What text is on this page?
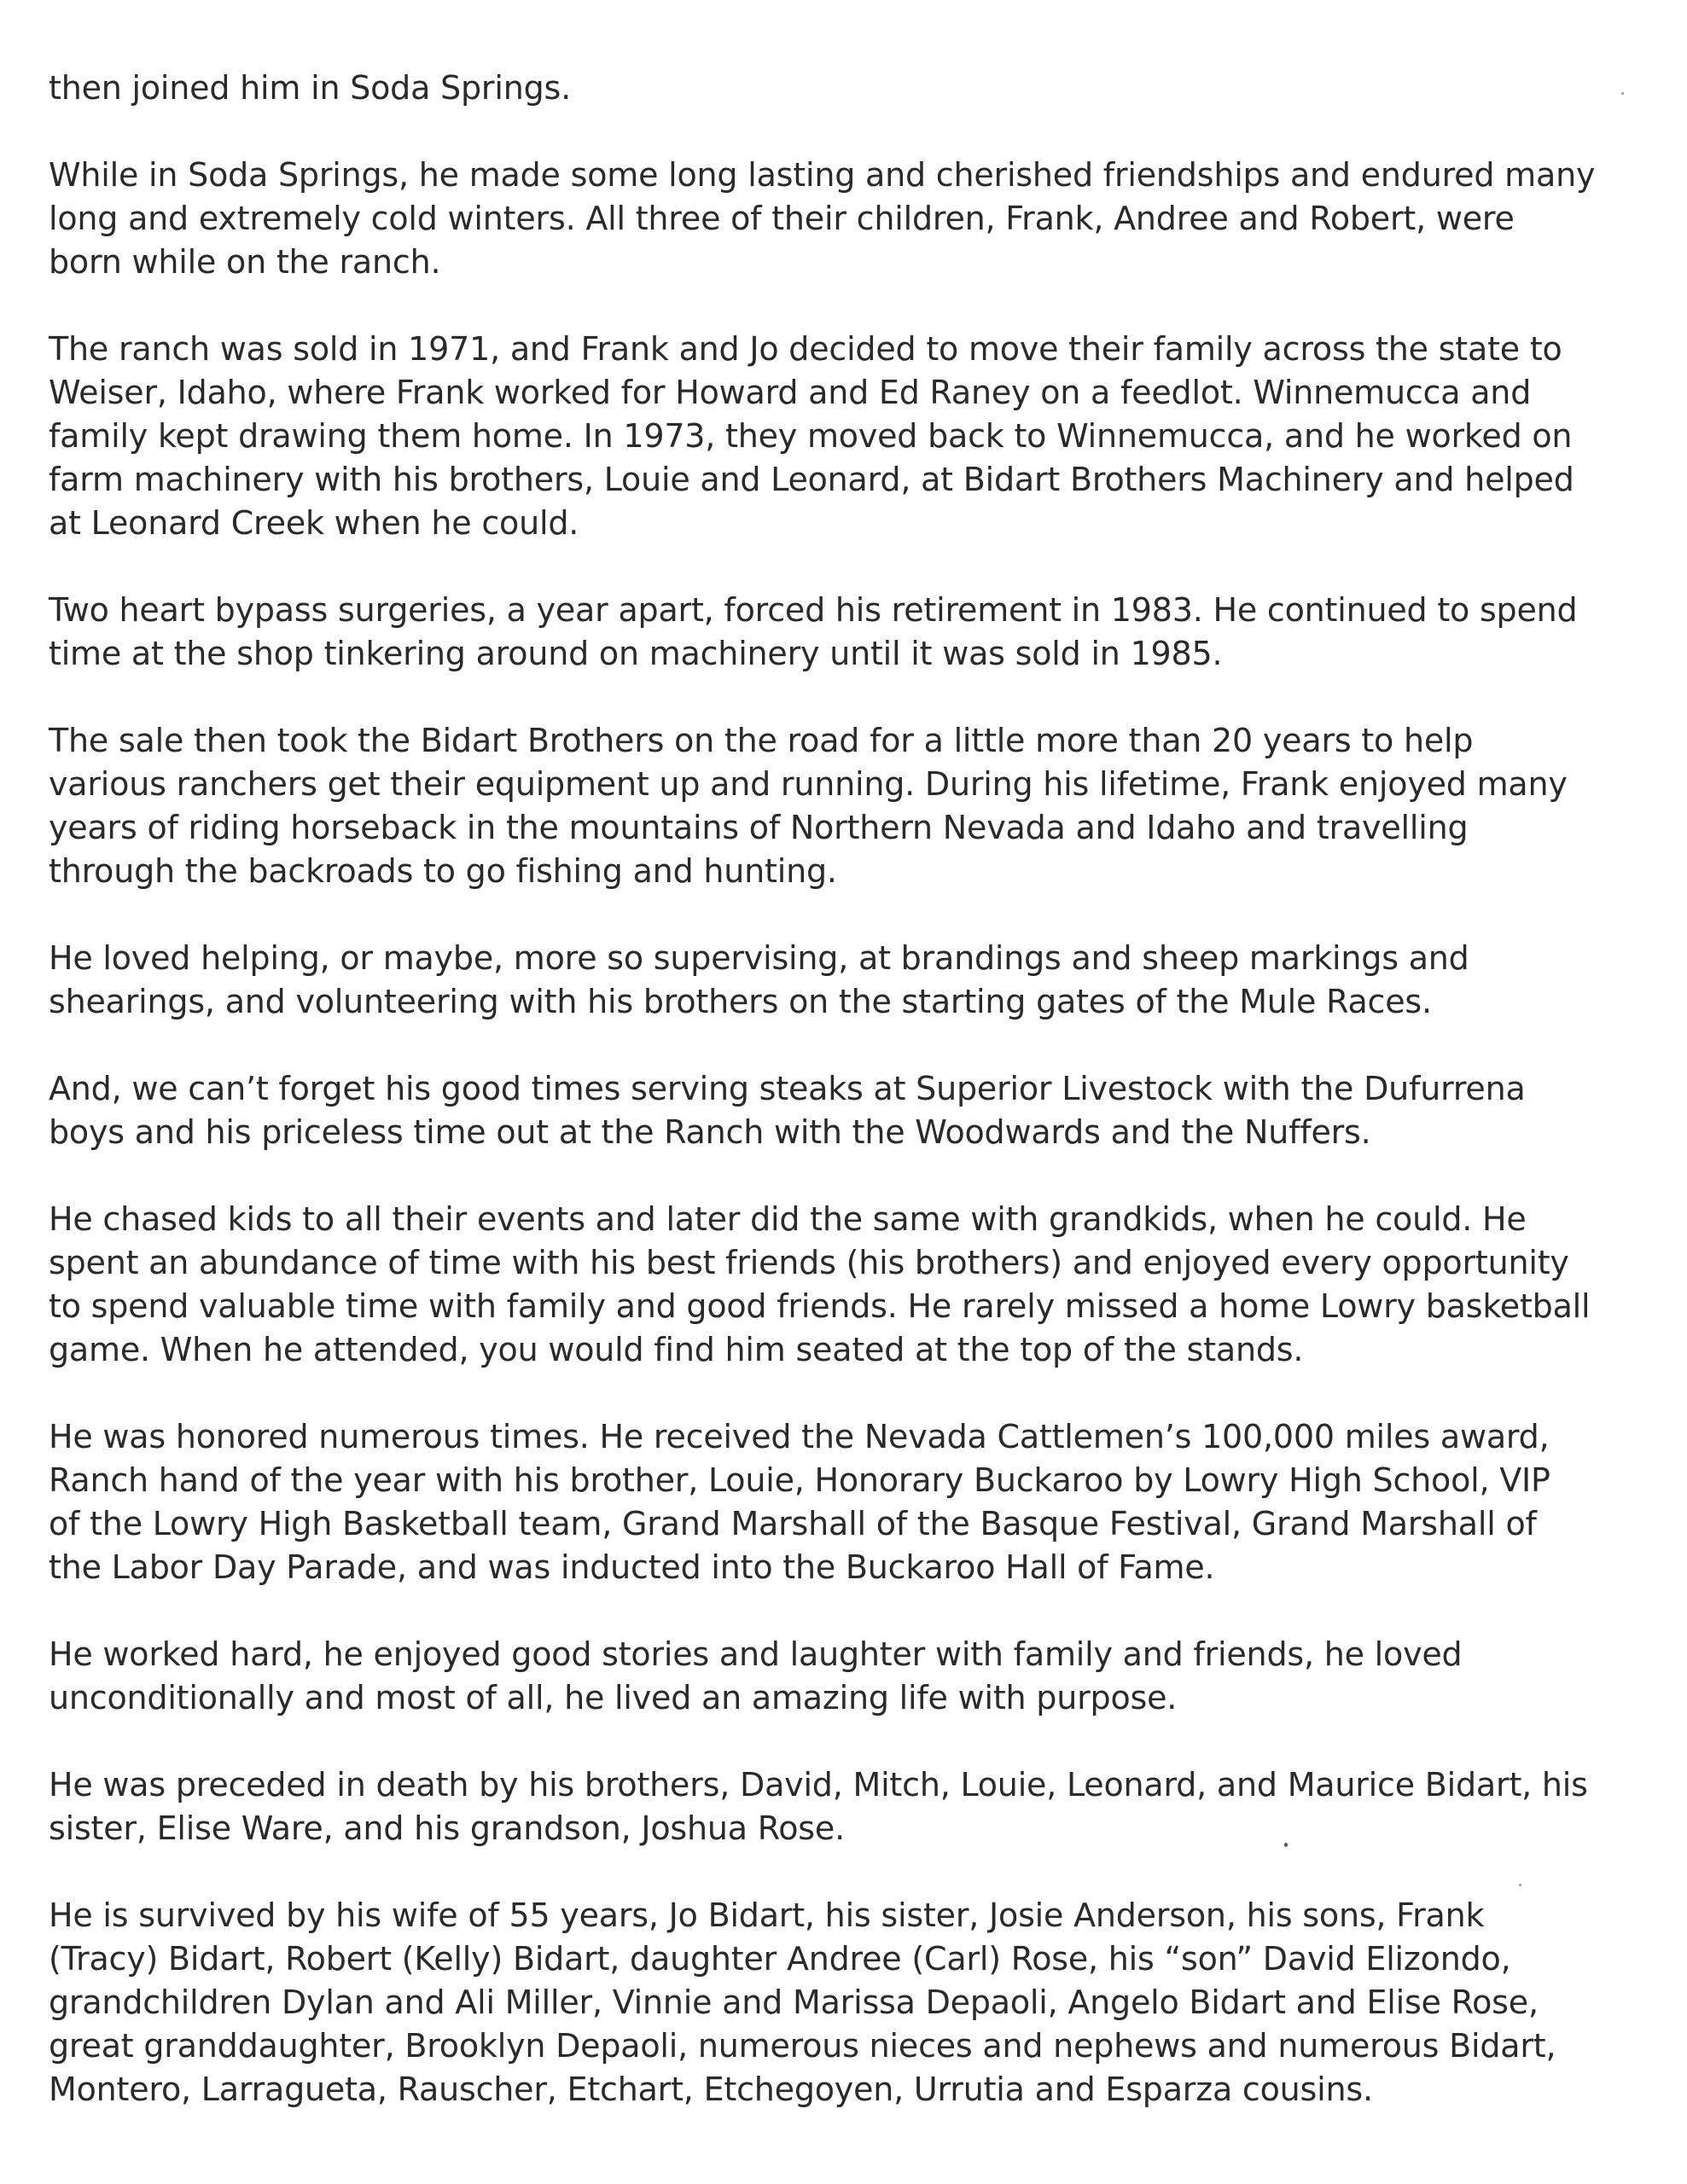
then joined him in Soda Springs.
While in Soda Springs, he made some long lasting and cherished friendships and endured many
long and extremely cold winters. All three of their children, Frank, Andree and Robert, were
born while on the ranch.
The ranch was sold in 1971, and Frank and Jo decided to move their family across the state to
Weiser, Idaho, where Frank worked for Howard and Ed Raney on a feedlot. Winnemucca and
family kept drawing them home. In 1973, they moved back to Winnemucca, and he worked on
farm machinery with his brothers, Louie and Leonard, at Bidart Brothers Machinery and helped
at Leonard Creek when he could.
Two heart bypass surgeries, a year apart, forced his retirement in 1983. He continued to spend
time at the shop tinkering around on machinery until it was sold in 1985.
The sale then took the Bidart Brothers on the road for a little more than 20 years to help
various ranchers get their equipment up and running. During his lifetime, Frank enjoyed many
years of riding horseback in the mountains of Northern Nevada and Idaho and travelling
through the backroads to go fishing and hunting.
He loved helping, or maybe, more so supervising, at brandings and sheep markings and
shearings, and volunteering with his brothers on the starting gates of the Mule Races.
And, we can’t forget his good times serving steaks at Superior Livestock with the Dufurrena
boys and his priceless time out at the Ranch with the Woodwards and the Nuffers.
He chased kids to all their events and later did the same with grandkids, when he could. He
spent an abundance of time with his best friends (his brothers) and enjoyed every opportunity
to spend valuable time with family and good friends. He rarely missed a home Lowry basketball
game. When he attended, you would find him seated at the top of the stands.
He was honored numerous times. He received the Nevada Cattlemen’s 100,000 miles award,
Ranch hand of the year with his brother, Louie, Honorary Buckaroo by Lowry High School, VIP
of the Lowry High Basketball team, Grand Marshall of the Basque Festival, Grand Marshall of
the Labor Day Parade, and was inducted into the Buckaroo Hall of Fame.
He worked hard, he enjoyed good stories and laughter with family and friends, he loved
unconditionally and most of all, he lived an amazing life with purpose.
He was preceded in death by his brothers, David, Mitch, Louie, Leonard, and Maurice Bidart, his
sister, Elise Ware, and his grandson, Joshua Rose.
He is survived by his wife of 55 years, Jo Bidart, his sister, Josie Anderson, his sons, Frank
(Tracy) Bidart, Robert (Kelly) Bidart, daughter Andree (Carl) Rose, his “son” David Elizondo,
grandchildren Dylan and Ali Miller, Vinnie and Marissa Depaoli, Angelo Bidart and Elise Rose,
great granddaughter, Brooklyn Depaoli, numerous nieces and nephews and numerous Bidart,
Montero, Larragueta, Rauscher, Etchart, Etchegoyen, Urrutia and Esparza cousins.
